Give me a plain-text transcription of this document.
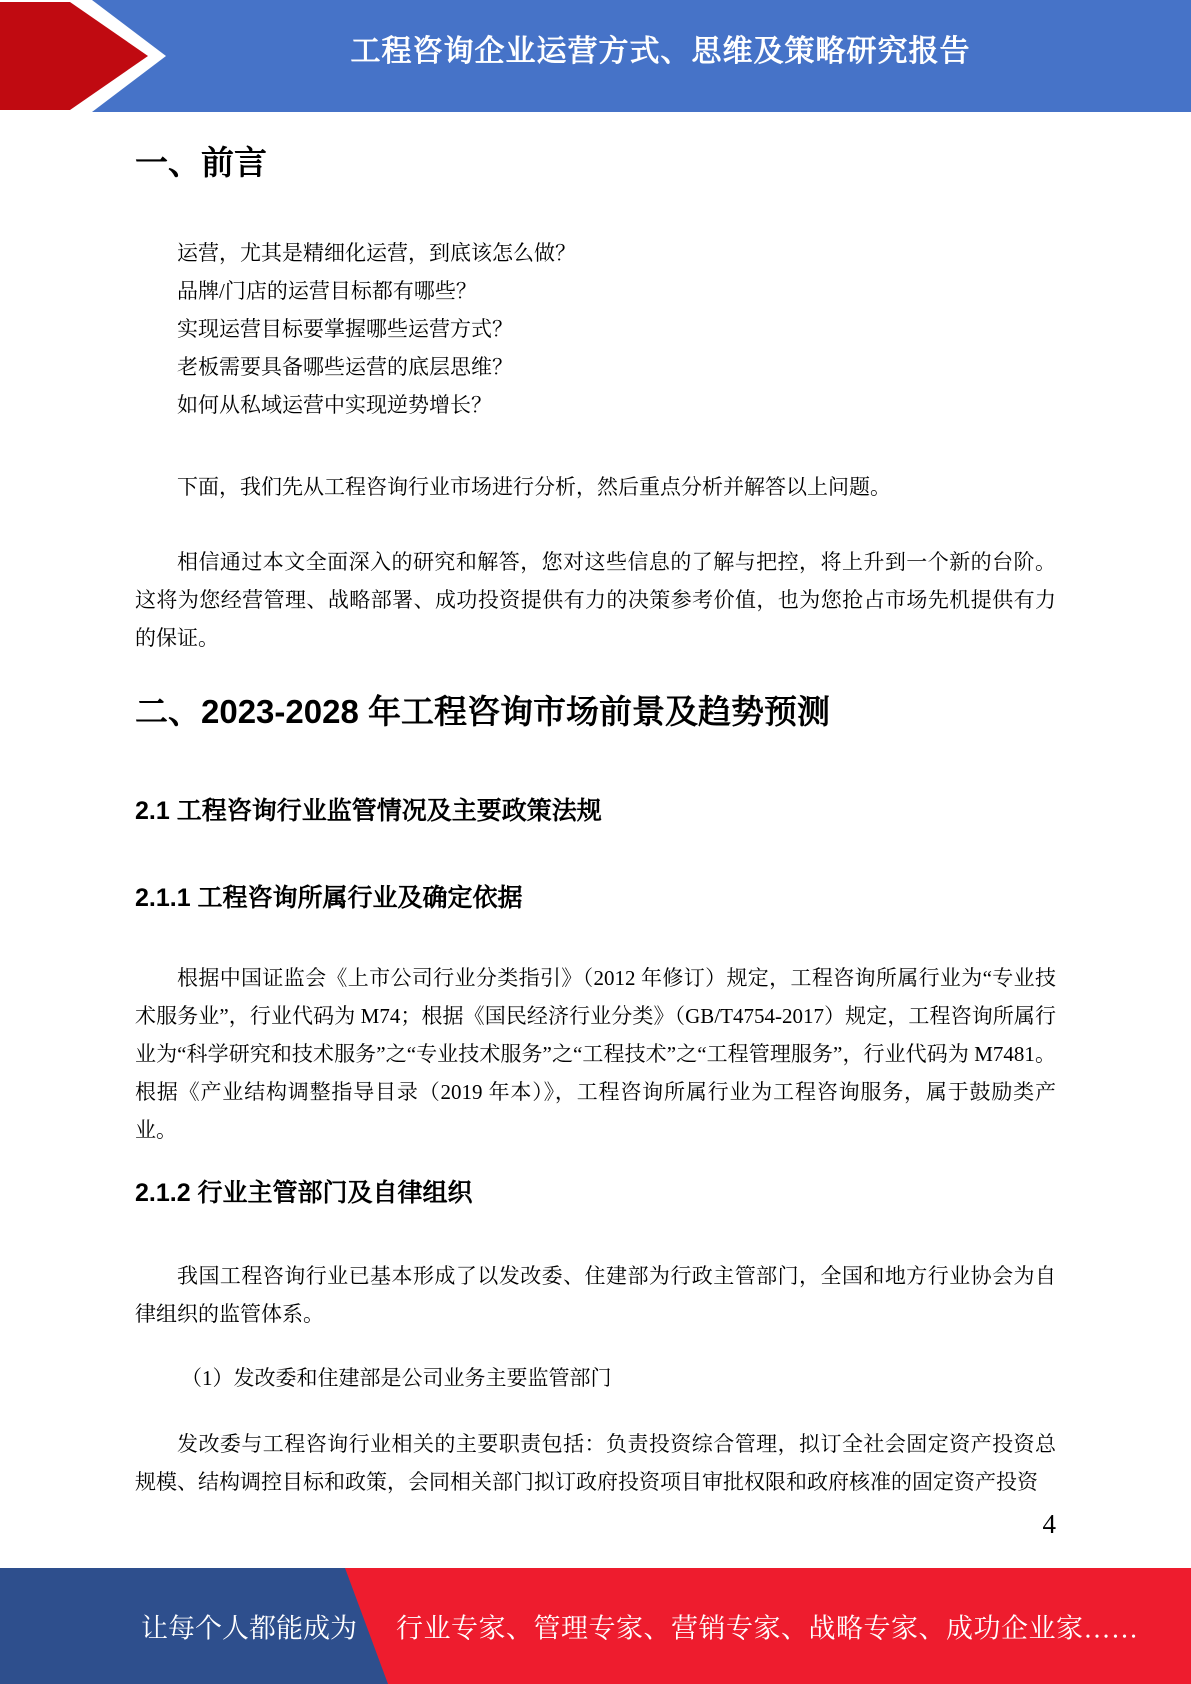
工程咨询企业运营方式、思维及策略研究报告
一、前言
运营，尤其是精细化运营，到底该怎么做？
品牌/门店的运营目标都有哪些？
实现运营目标要掌握哪些运营方式？
老板需要具备哪些运营的底层思维？
如何从私域运营中实现逆势增长？

下面，我们先从工程咨询行业市场进行分析，然后重点分析并解答以上问题。

相信通过本文全面深入的研究和解答，您对这些信息的了解与把控，将上升到一个新的台阶。这将为您经营管理、战略部署、成功投资提供有力的决策参考价值，也为您抢占市场先机提供有力的保证。

二、2023-2028 年工程咨询市场前景及趋势预测
2.1 工程咨询行业监管情况及主要政策法规
2.1.1 工程咨询所属行业及确定依据

根据中国证监会《上市公司行业分类指引》（2012 年修订）规定，工程咨询所属行业为“专业技术服务业”，行业代码为 M74；根据《国民经济行业分类》（GB/T4754-2017）规定，工程咨询所属行业为“科学研究和技术服务”之“专业技术服务”之“工程技术”之“工程管理服务”，行业代码为 M7481。根据《产业结构调整指导目录（2019 年本）》，工程咨询所属行业为工程咨询服务，属于鼓励类产业。

2.1.2 行业主管部门及自律组织

我国工程咨询行业已基本形成了以发改委、住建部为行政主管部门，全国和地方行业协会为自律组织的监管体系。

（1）发改委和住建部是公司业务主要监管部门

发改委与工程咨询行业相关的主要职责包括：负责投资综合管理，拟订全社会固定资产投资总规模、结构调控目标和政策，会同相关部门拟订政府投资项目审批权限和政府核准的固定资产投资

4
让每个人都能成为 行业专家、管理专家、营销专家、战略专家、成功企业家……
